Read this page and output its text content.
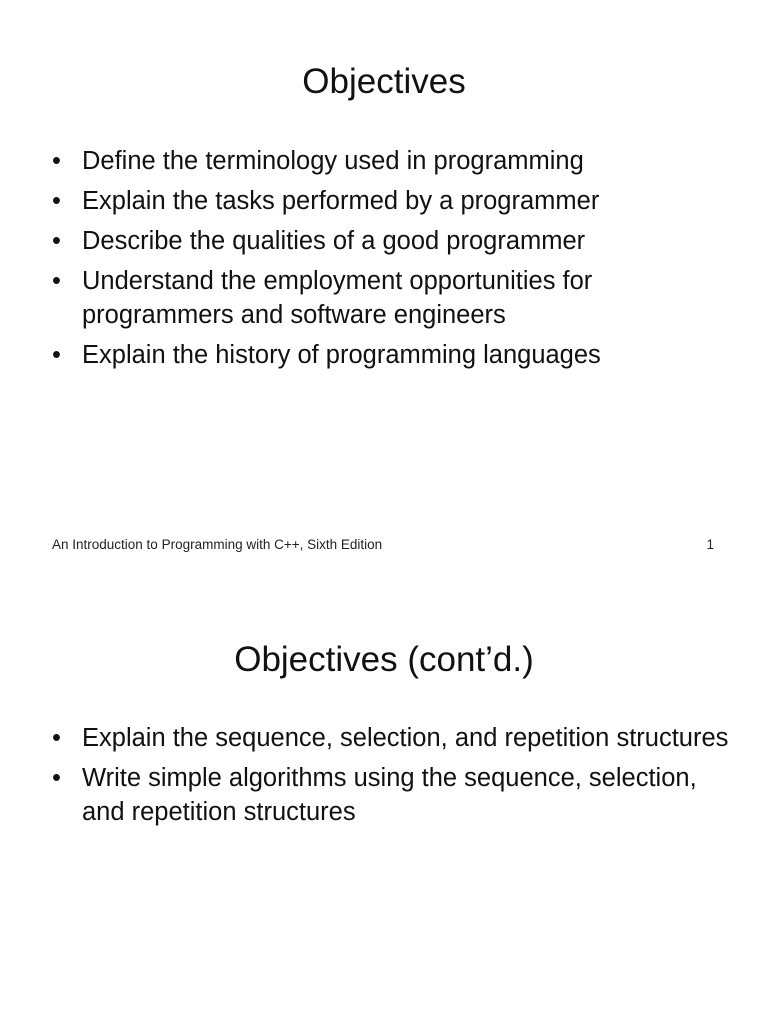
Objectives
• Define the terminology used in programming
• Explain the tasks performed by a programmer
• Describe the qualities of a good programmer
• Understand the employment opportunities for programmers and software engineers
• Explain the history of programming languages
An Introduction to Programming with C++, Sixth Edition	1
Objectives (cont’d.)
• Explain the sequence, selection, and repetition structures
• Write simple algorithms using the sequence, selection, and repetition structures
